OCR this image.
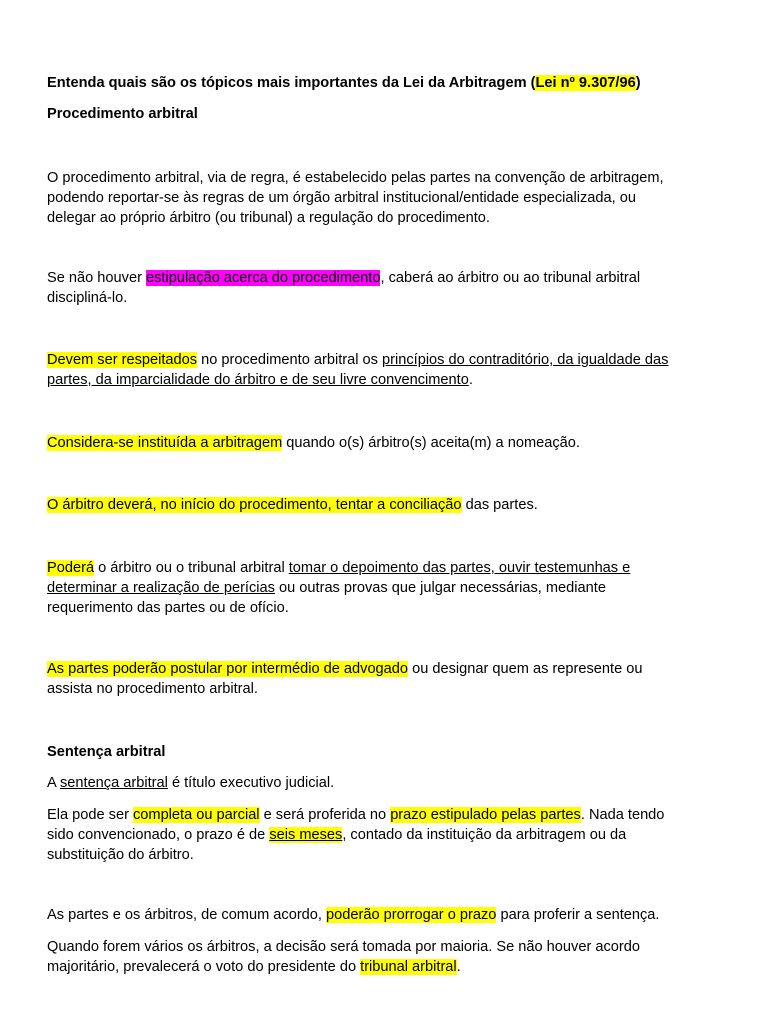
Entenda quais são os tópicos mais importantes da Lei da Arbitragem (Lei nº 9.307/96)
Procedimento arbitral
O procedimento arbitral, via de regra, é estabelecido pelas partes na convenção de arbitragem,
podendo reportar-se às regras de um órgão arbitral institucional/entidade especializada, ou
delegar ao próprio árbitro (ou tribunal) a regulação do procedimento.
Se não houver estipulação acerca do procedimento, caberá ao árbitro ou ao tribunal arbitral
discipliná-lo.
Devem ser respeitados no procedimento arbitral os princípios do contraditório, da igualdade das
partes, da imparcialidade do árbitro e de seu livre convencimento.
Considera-se instituída a arbitragem quando o(s) árbitro(s) aceita(m) a nomeação.
O árbitro deverá, no início do procedimento, tentar a conciliação das partes.
Poderá o árbitro ou o tribunal arbitral tomar o depoimento das partes, ouvir testemunhas e
determinar a realização de perícias ou outras provas que julgar necessárias, mediante
requerimento das partes ou de ofício.
As partes poderão postular por intermédio de advogado ou designar quem as represente ou
assista no procedimento arbitral.
Sentença arbitral
A sentença arbitral é título executivo judicial.
Ela pode ser completa ou parcial e será proferida no prazo estipulado pelas partes. Nada tendo
sido convencionado, o prazo é de seis meses, contado da instituição da arbitragem ou da
substituição do árbitro.
As partes e os árbitros, de comum acordo, poderão prorrogar o prazo para proferir a sentença.
Quando forem vários os árbitros, a decisão será tomada por maioria. Se não houver acordo
majoritário, prevalecerá o voto do presidente do tribunal arbitral.
